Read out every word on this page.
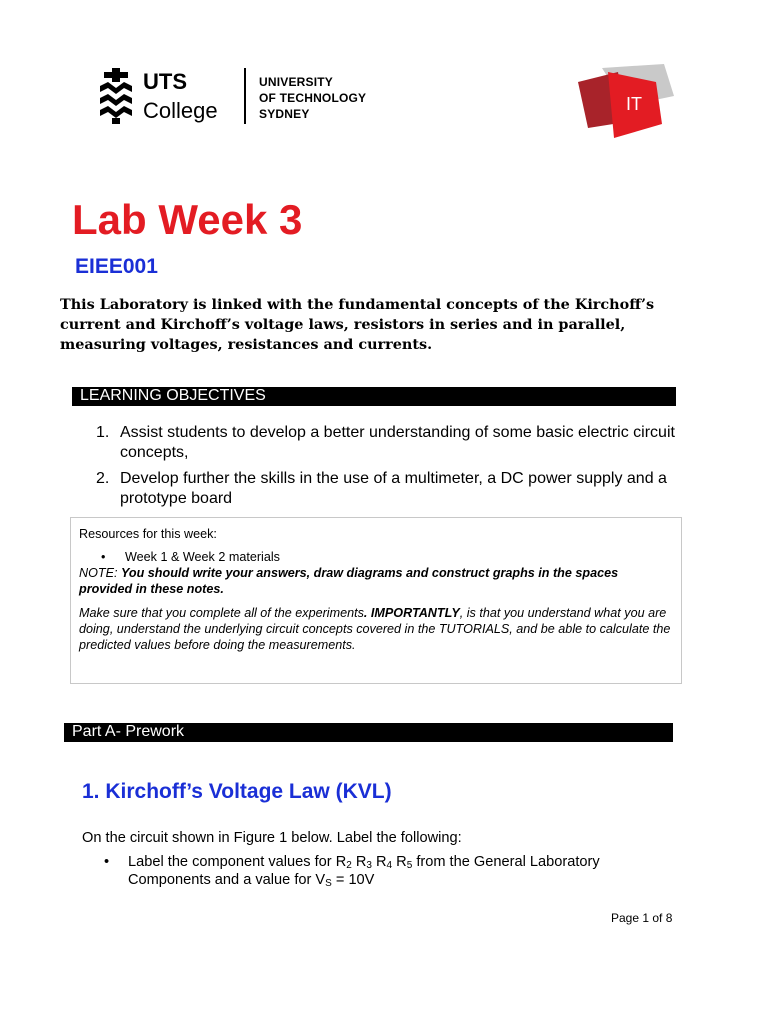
UTS
College
UNIVERSITY
OF TECHNOLOGY
SYDNEY	IT
Lab Week 3
EIEE001
This Laboratory is linked with the fundamental concepts of the Kirchoff’s current and Kirchoff’s voltage laws, resistors in series and in parallel, measuring voltages, resistances and currents.
LEARNING OBJECTIVES
1. Assist students to develop a better understanding of some basic electric circuit concepts,
2. Develop further the skills in the use of a multimeter, a DC power supply and a prototype board

Resources for this week:

• Week 1 & Week 2 materials

NOTE: You should write your answers, draw diagrams and construct graphs in the spaces provided in these notes.

Make sure that you complete all of the experiments. IMPORTANTLY, is that you understand what you are doing, understand the underlying circuit concepts covered in the TUTORIALS, and be able to calculate the predicted values before doing the measurements.

Part A- Prework
1. Kirchoff’s Voltage Law (KVL)
On the circuit shown in Figure 1 below. Label the following:
• Label the component values for $R_2$ $R_3$ $R_4$ $R_5$ from the General Laboratory Components and a value for $V_S = 10V$
Page 1 of 8
